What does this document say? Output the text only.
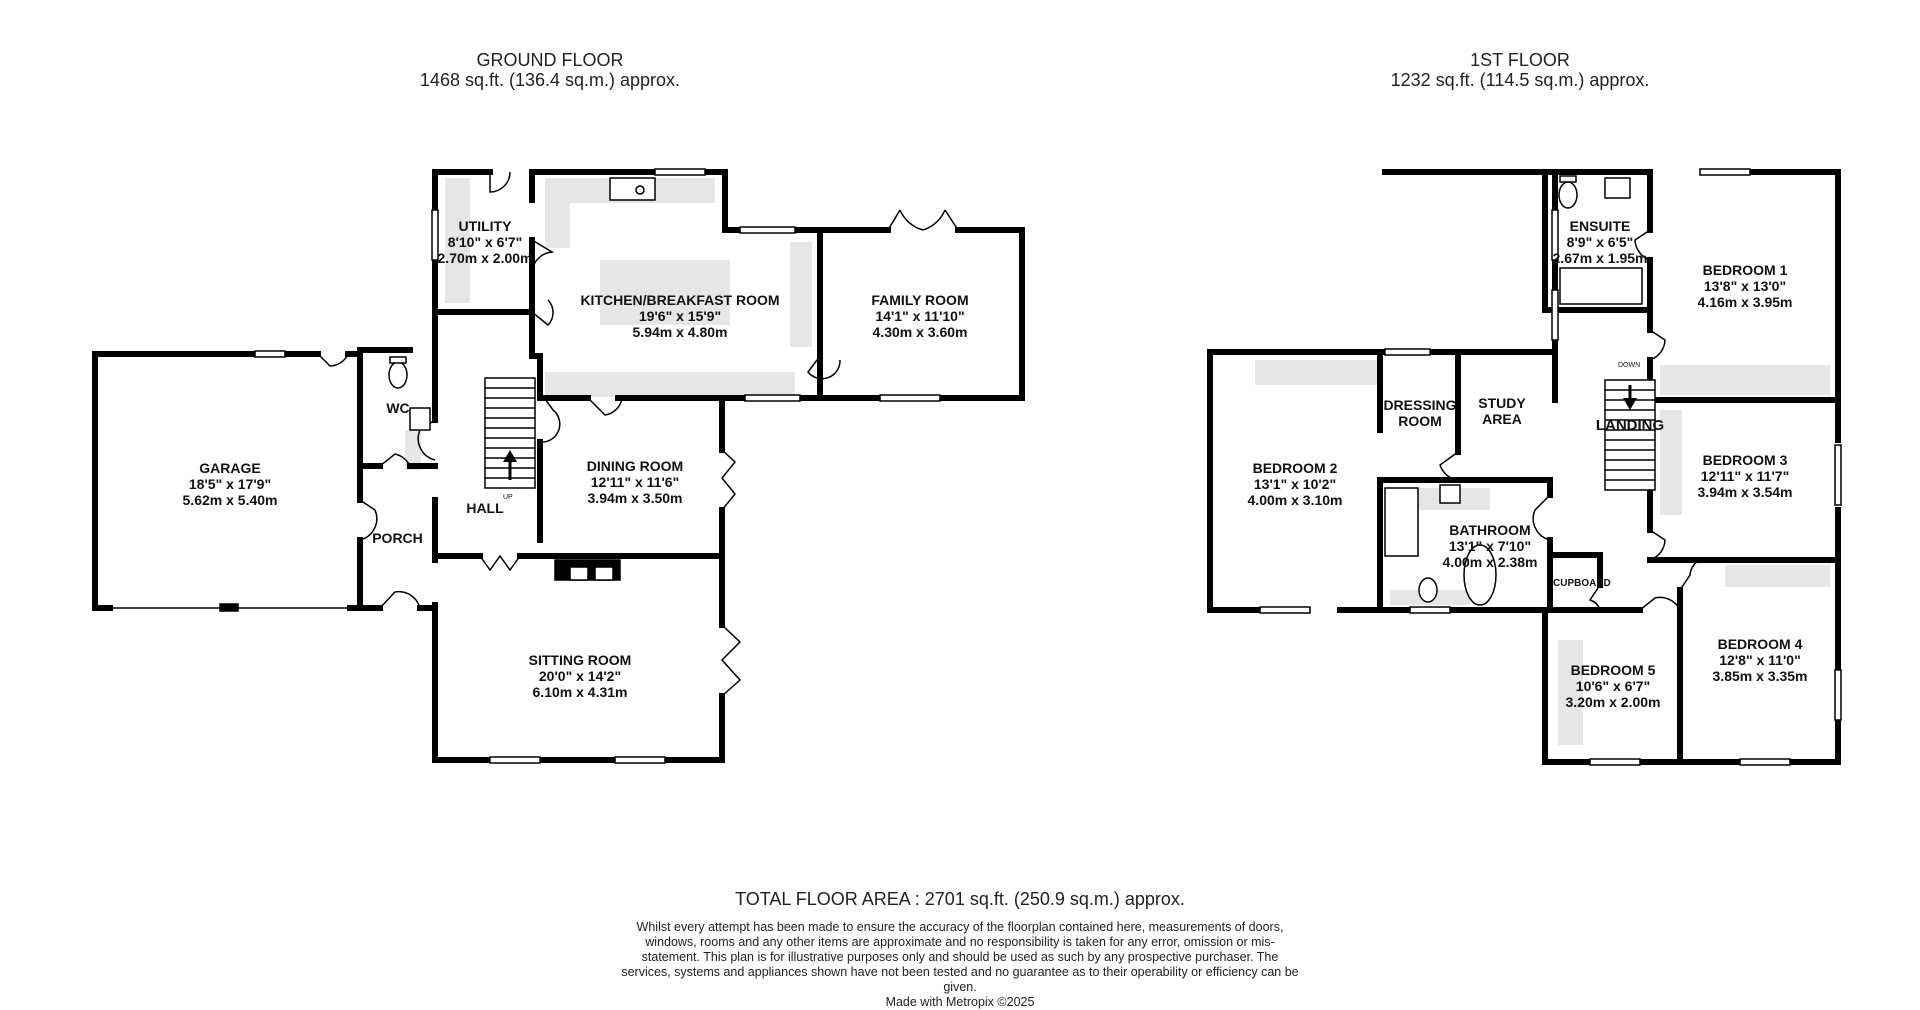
GROUND FLOOR
1468 sq.ft. (136.4 sq.m.) approx.
1ST FLOOR
1232 sq.ft. (114.5 sq.m.) approx.
UTILITY
8'10" x 6'7"
2.70m x 2.00m
KITCHEN/BREAKFAST ROOM
19'6" x 15'9"
5.94m x 4.80m
FAMILY ROOM
14'1" x 11'10"
4.30m x 3.60m
GARAGE
18'5" x 17'9"
5.62m x 5.40m
WC
DINING ROOM
12'11" x 11'6"
3.94m x 3.50m
HALL
PORCH
SITTING ROOM
20'0" x 14'2"
6.10m x 4.31m
UP
ENSUITE
8'9" x 6'5"
2.67m x 1.95m
BEDROOM 1
13'8" x 13'0"
4.16m x 3.95m
DRESSING
ROOM
STUDY
AREA	LANDING
BEDROOM 2
13'1" x 10'2"
4.00m x 3.10m
BEDROOM 3
12'11" x 11'7"
3.94m x 3.54m
BATHROOM
13'1" x 7'10"
4.00m x 2.38m
CUPBOARD
BEDROOM 5
10'6" x 6'7"
3.20m x 2.00m
BEDROOM 4
12'8" x 11'0"
3.85m x 3.35m
DOWN
TOTAL FLOOR AREA : 2701 sq.ft. (250.9 sq.m.) approx.
Whilst every attempt has been made to ensure the accuracy of the floorplan contained here, measurements of doors, windows, rooms and any other items are approximate and no responsibility is taken for any error, omission or mis-statement. This plan is for illustrative purposes only and should be used as such by any prospective purchaser. The services, systems and appliances shown have not been tested and no guarantee as to their operability or efficiency can be given.
Made with Metropix ©2025
